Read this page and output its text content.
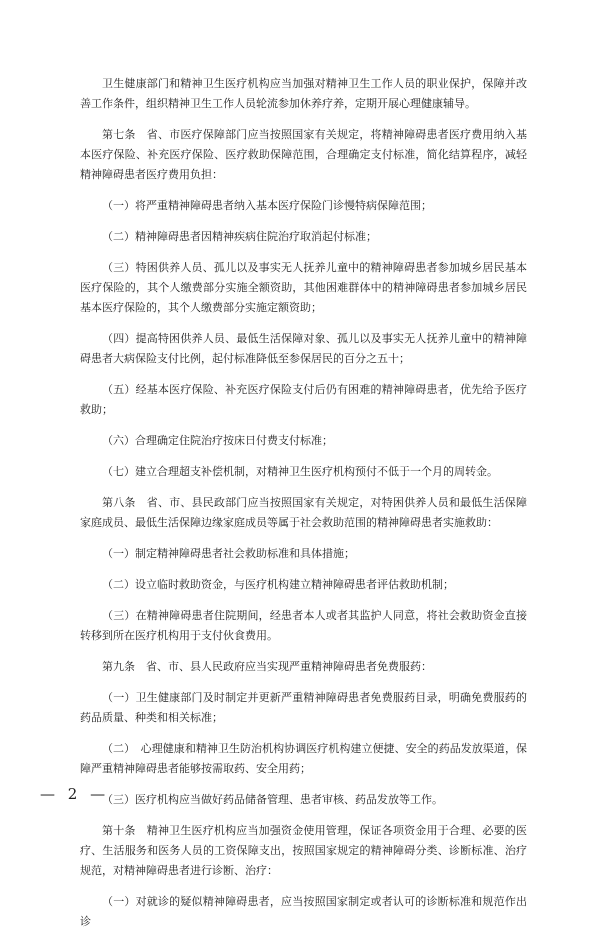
卫生健康部门和精神卫生医疗机构应当加强对精神卫生工作人员的职业保护，保障并改善工作条件，组织精神卫生工作人员轮流参加休养疗养，定期开展心理健康辅导。

第七条　省、市医疗保障部门应当按照国家有关规定，将精神障碍患者医疗费用纳入基本医疗保险、补充医疗保险、医疗救助保障范围，合理确定支付标准，简化结算程序，减轻精神障碍患者医疗费用负担：

（一）将严重精神障碍患者纳入基本医疗保险门诊慢特病保障范围；

（二）精神障碍患者因精神疾病住院治疗取消起付标准；

（三）特困供养人员、孤儿以及事实无人抚养儿童中的精神障碍患者参加城乡居民基本医疗保险的，其个人缴费部分实施全额资助，其他困难群体中的精神障碍患者参加城乡居民基本医疗保险的，其个人缴费部分实施定额资助；

（四）提高特困供养人员、最低生活保障对象、孤儿以及事实无人抚养儿童中的精神障碍患者大病保险支付比例，起付标准降低至参保居民的百分之五十；

（五）经基本医疗保险、补充医疗保险支付后仍有困难的精神障碍患者，优先给予医疗救助；

（六）合理确定住院治疗按床日付费支付标准；

（七）建立合理超支补偿机制，对精神卫生医疗机构预付不低于一个月的周转金。

第八条　省、市、县民政部门应当按照国家有关规定，对特困供养人员和最低生活保障家庭成员、最低生活保障边缘家庭成员等属于社会救助范围的精神障碍患者实施救助：

（一）制定精神障碍患者社会救助标准和具体措施；

（二）设立临时救助资金，与医疗机构建立精神障碍患者评估救助机制；

（三）在精神障碍患者住院期间，经患者本人或者其监护人同意，将社会救助资金直接转移到所在医疗机构用于支付伙食费用。

第九条　省、市、县人民政府应当实现严重精神障碍患者免费服药：

（一）卫生健康部门及时制定并更新严重精神障碍患者免费服药目录，明确免费服药的药品质量、种类和相关标准；

（二）　心理健康和精神卫生防治机构协调医疗机构建立便捷、安全的药品发放渠道，保障严重精神障碍患者能够按需取药、安全用药；

（三）医疗机构应当做好药品储备管理、患者审核、药品发放等工作。

第十条　精神卫生医疗机构应当加强资金使用管理，保证各项资金用于合理、必要的医疗、生活服务和医务人员的工资保障支出，按照国家规定的精神障碍分类、诊断标准、治疗规范，对精神障碍患者进行诊断、治疗：

（一）对就诊的疑似精神障碍患者，应当按照国家制定或者认可的诊断标准和规范作出诊

— 2 —
